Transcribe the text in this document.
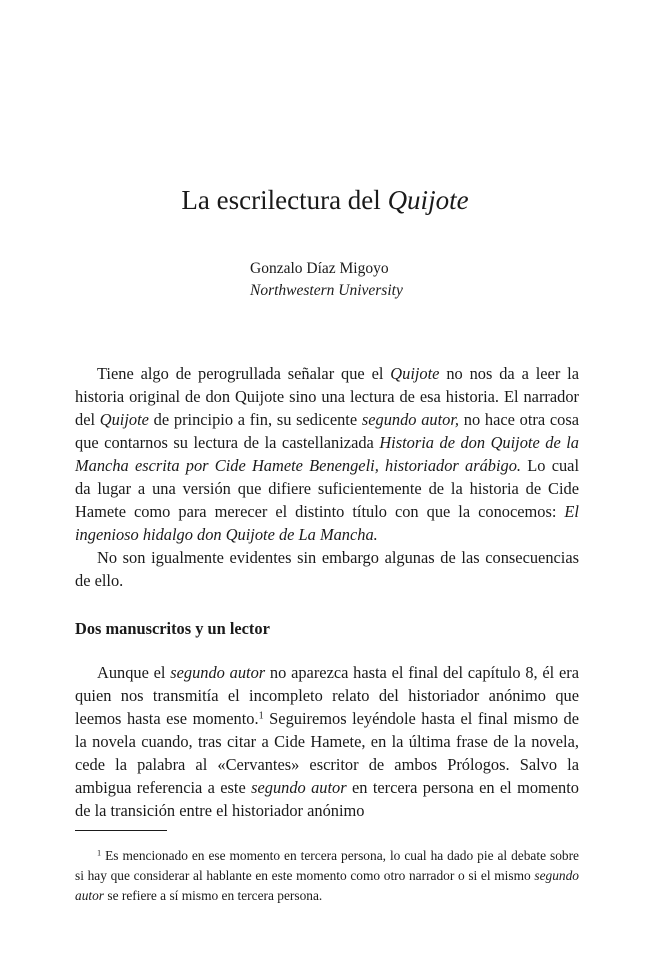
La escrilectura del Quijote
Gonzalo Díaz Migoyo
Northwestern University

Tiene algo de perogrullada señalar que el Quijote no nos da a leer la historia original de don Quijote sino una lectura de esa historia. El narrador del Quijote de principio a fin, su sedicente segundo autor, no hace otra cosa que contarnos su lectura de la castellanizada Historia de don Quijote de la Mancha escrita por Cide Hamete Benengeli, historiador arábigo. Lo cual da lugar a una versión que difiere suficientemente de la historia de Cide Hamete como para merecer el distinto título con que la conocemos: El ingenioso hidalgo don Quijote de La Mancha.

No son igualmente evidentes sin embargo algunas de las consecuencias de ello.

Dos manuscritos y un lector

Aunque el segundo autor no aparezca hasta el final del capítulo 8, él era quien nos transmitía el incompleto relato del historiador anónimo que leemos hasta ese momento.$^1$ Seguiremos leyéndole hasta el final mismo de la novela cuando, tras citar a Cide Hamete, en la última frase de la novela, cede la palabra al «Cervantes» escritor de ambos Prólogos. Salvo la ambigua referencia a este segundo autor en tercera persona en el momento de la transición entre el historiador anónimo

$^1$ Es mencionado en ese momento en tercera persona, lo cual ha dado pie al debate sobre si hay que considerar al hablante en este momento como otro narrador o si el mismo segundo autor se refiere a sí mismo en tercera persona.
